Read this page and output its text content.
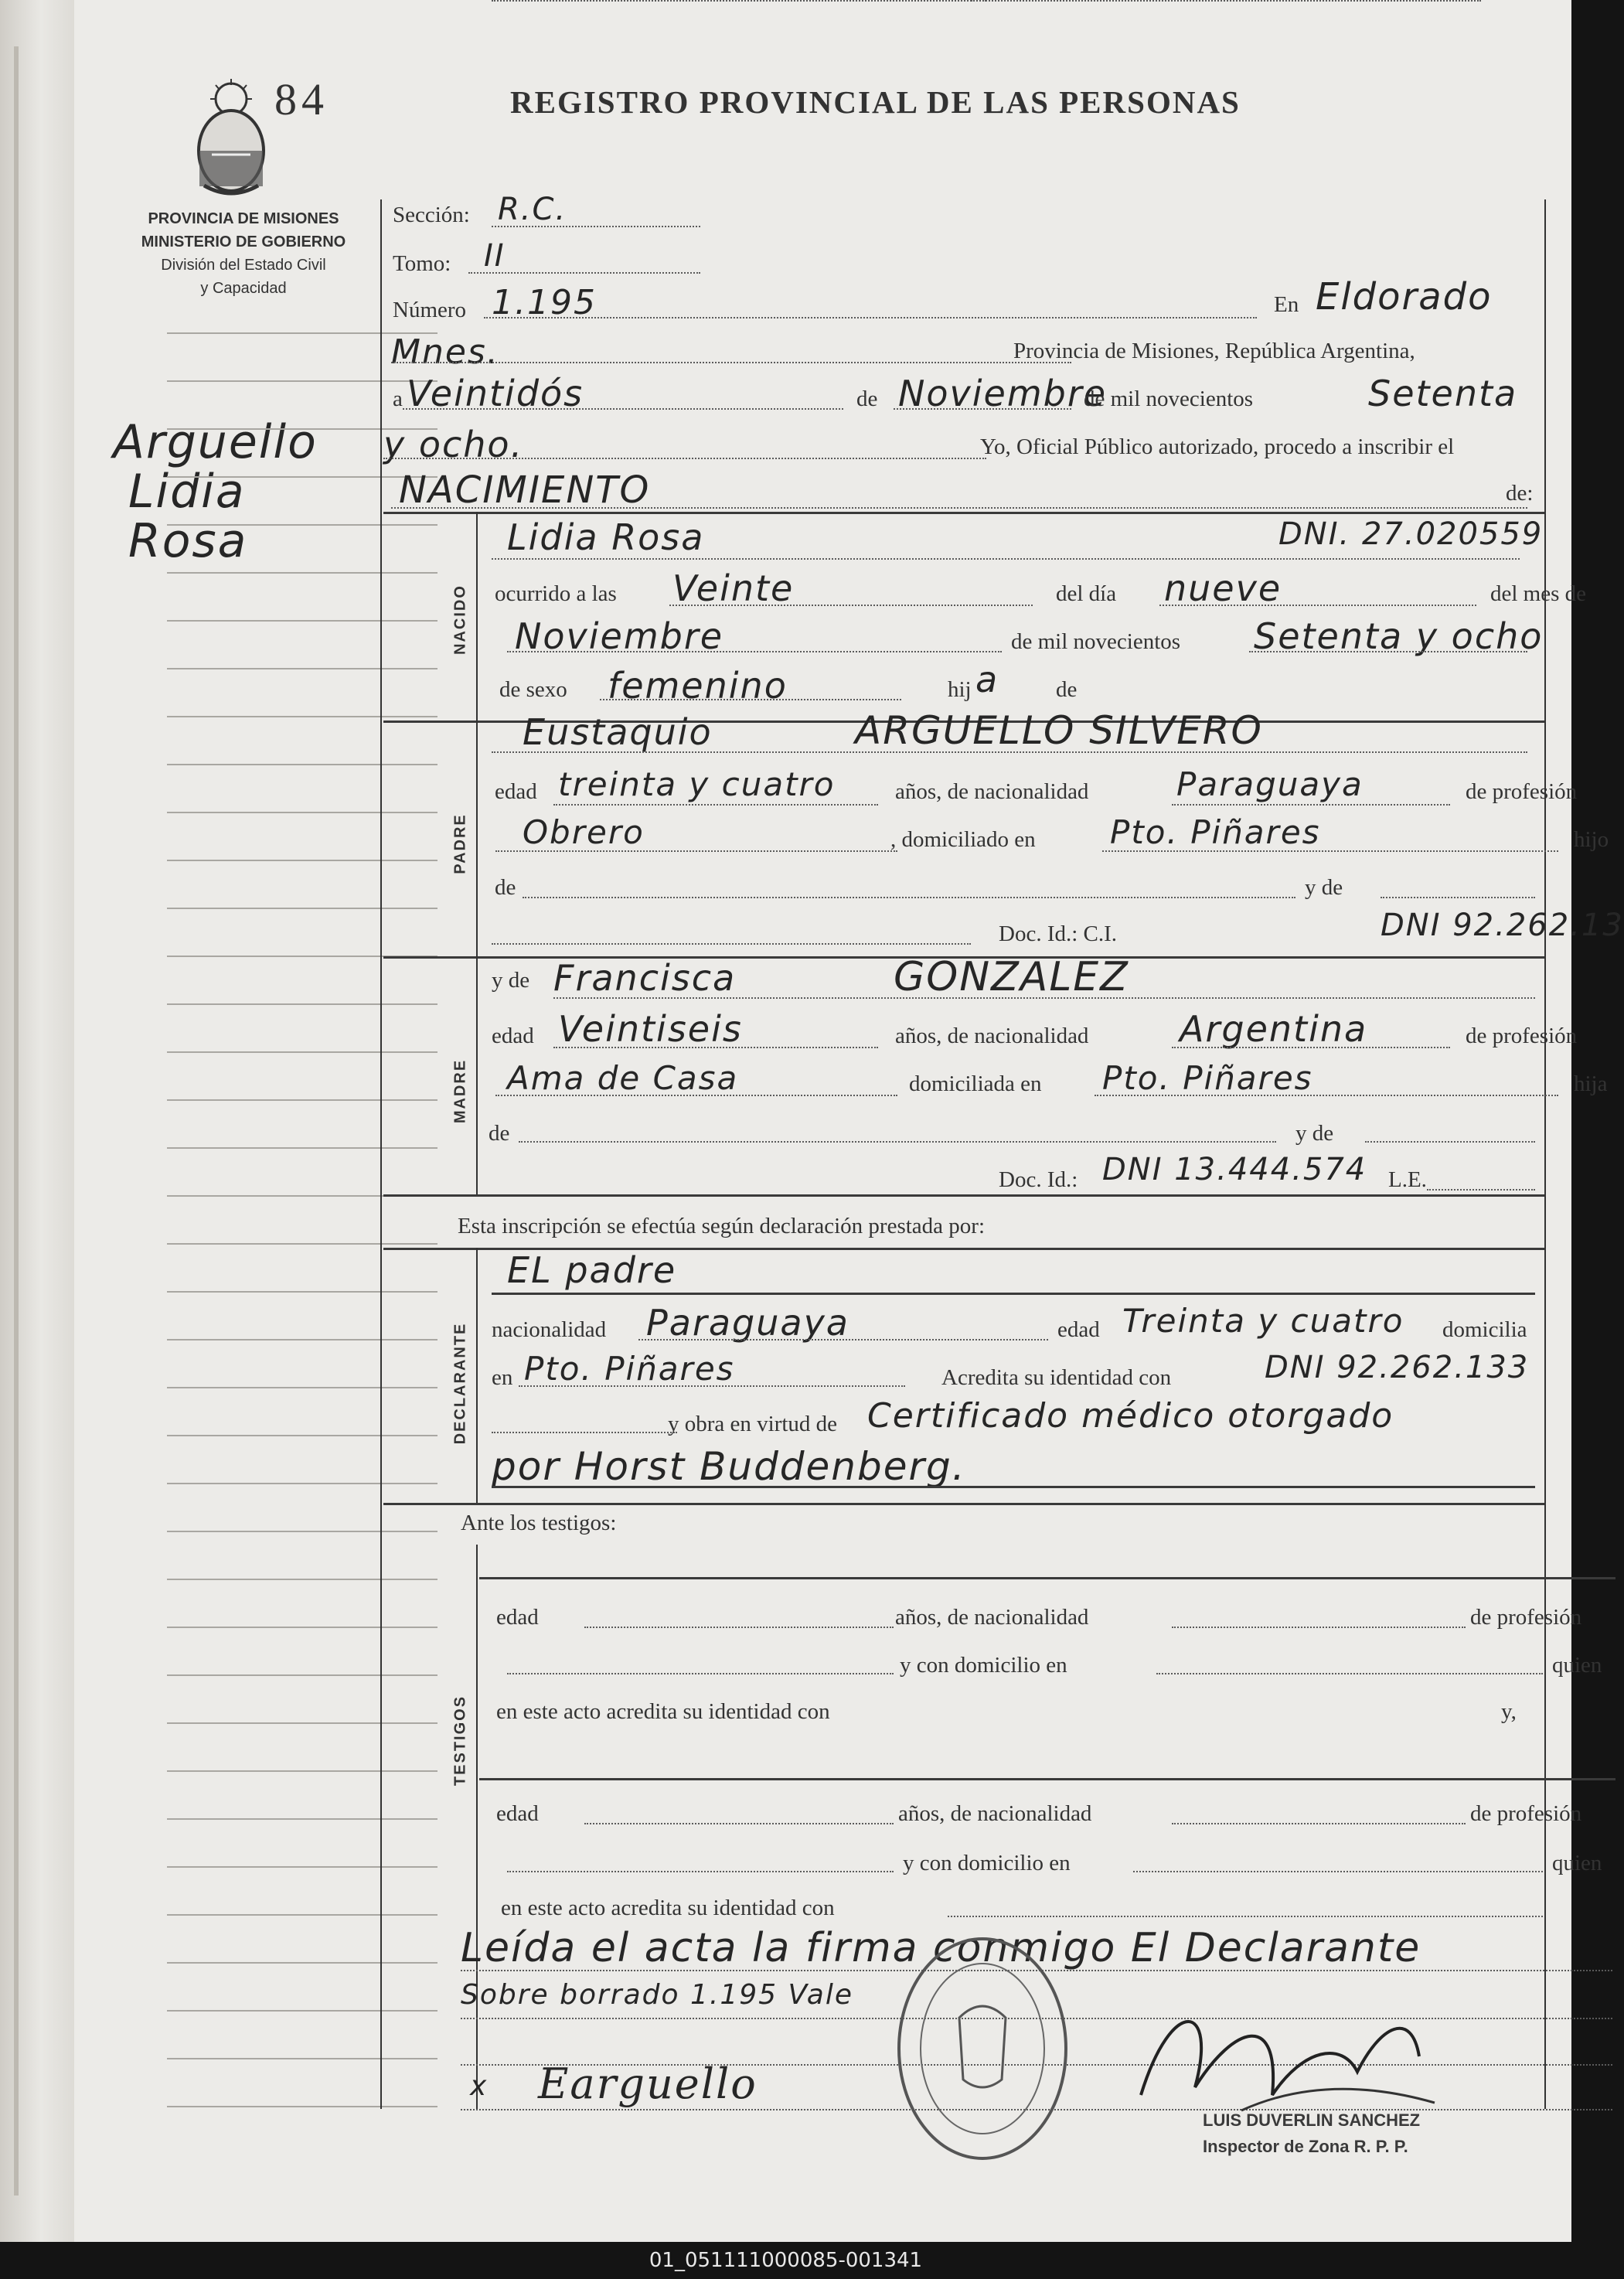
84	REGISTRO PROVINCIAL DE LAS PERSONAS
PROVINCIA DE MISIONES
MINISTERIO DE GOBIERNO
División del Estado Civil
y Capacidad
Arguello
Lidia
Rosa
Sección: R.C.
Tomo: II
Número 1.195	En Eldorado
Mnes.	Provincia de Misiones, República Argentina,
a Veintidós	de Noviembre
de mil novecientos	Setenta
y ocho.	Yo, Oficial Público autorizado, procedo a inscribir el
NACIMIENTO	de:
NACIDO
Lidia Rosa	DNI. 27.020559
ocurrido a las Veinte	del día nueve	del mes de
Noviembre	de mil novecientos Setenta y ocho
de sexo femenino	hij a	de
PADRE
Eustaquio	ARGUELLO SILVERO
edad treinta y cuatro	años, de nacionalidad	Paraguaya	de profesión
Obrero	, domiciliado en Pto. Piñares	hijo
de	y de
Doc. Id.: C.I.	DNI 92.262.13
MADRE
y de Francisca	GONZALEZ
edad Veintiseis	años, de nacionalidad	Argentina	de profesión
Ama de Casa	domiciliada en Pto. Piñares	hija
de	y de
Doc. Id.: DNI 13.444.574 L.E.
Esta inscripción se efectúa según declaración prestada por:
DECLARANTE
EL padre
nacionalidad Paraguaya	edad Treinta y cuatro domicilia
en Pto. Piñares	Acredita su identidad con	DNI 92.262.133
y obra en virtud de Certificado médico otorgado
por Horst Buddenberg.
Ante los testigos:
TESTIGOS
edad	años, de nacionalidad	de profesión
y con domicilio en	quien
en este acto acredita su identidad con	y,
edad	años, de nacionalidad	de profesión
y con domicilio en	quien
en este acto acredita su identidad con
Leída el acta la firma conmigo El Declarante
Sobre borrado 1.195 Vale
x Earguello
LUIS DUVERLIN SANCHEZ
Inspector de Zona R. P. P.
01_051111000085-001341
